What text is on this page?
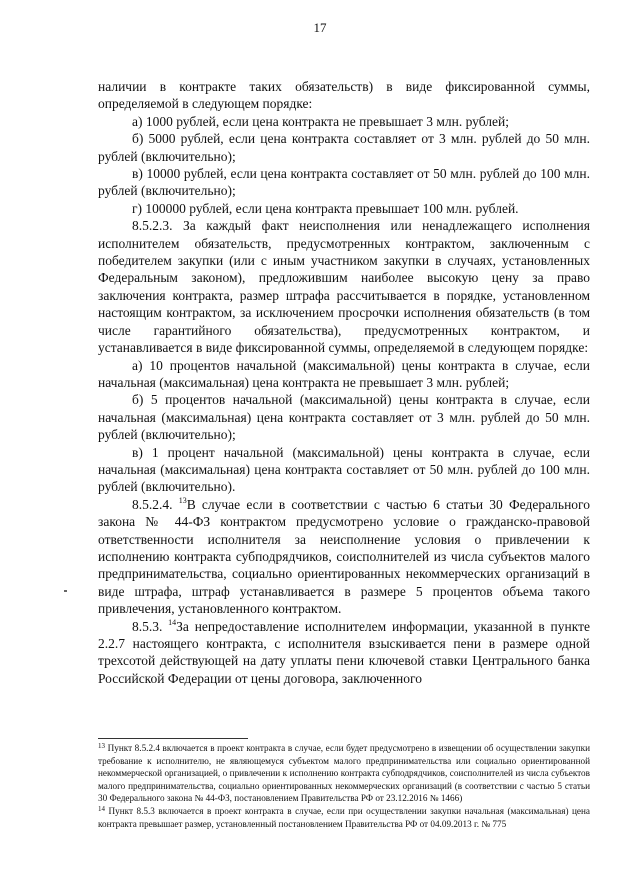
17

наличии в контракте таких обязательств) в виде фиксированной суммы, определяемой в следующем порядке:

а) 1000 рублей, если цена контракта не превышает 3 млн. рублей;

б) 5000 рублей, если цена контракта составляет от 3 млн. рублей до 50 млн. рублей (включительно);

в) 10000 рублей, если цена контракта составляет от 50 млн. рублей до 100 млн. рублей (включительно);

г) 100000 рублей, если цена контракта превышает 100 млн. рублей.

8.5.2.3. За каждый факт неисполнения или ненадлежащего исполнения исполнителем обязательств, предусмотренных контрактом, заключенным с победителем закупки (или с иным участником закупки в случаях, установленных Федеральным законом), предложившим наиболее высокую цену за право заключения контракта, размер штрафа рассчитывается в порядке, установленном настоящим контрактом, за исключением просрочки исполнения обязательств (в том числе гарантийного обязательства), предусмотренных контрактом, и устанавливается в виде фиксированной суммы, определяемой в следующем порядке:

а) 10 процентов начальной (максимальной) цены контракта в случае, если начальная (максимальная) цена контракта не превышает 3 млн. рублей;

б) 5 процентов начальной (максимальной) цены контракта в случае, если начальная (максимальная) цена контракта составляет от 3 млн. рублей до 50 млн. рублей (включительно);

в) 1 процент начальной (максимальной) цены контракта в случае, если начальная (максимальная) цена контракта составляет от 50 млн. рублей до 100 млн. рублей (включительно).

8.5.2.4. $^{13}$В случае если в соответствии с частью 6 статьи 30 Федерального закона № 44-ФЗ контрактом предусмотрено условие о гражданско-правовой ответственности исполнителя за неисполнение условия о привлечении к исполнению контракта субподрядчиков, соисполнителей из числа субъектов малого предпринимательства, социально ориентированных некоммерческих организаций в виде штрафа, штраф устанавливается в размере 5 процентов объема такого привлечения, установленного контрактом.

8.5.3. $^{14}$За непредоставление исполнителем информации, указанной в пункте 2.2.7 настоящего контракта, с исполнителя взыскивается пени в размере одной трехсотой действующей на дату уплаты пени ключевой ставки Центрального банка Российской Федерации от цены договора, заключенного

$^{13}$ Пункт 8.5.2.4 включается в проект контракта в случае, если будет предусмотрено в извещении об осуществлении закупки требование к исполнителю, не являющемуся субъектом малого предпринимательства или социально ориентированной некоммерческой организацией, о привлечении к исполнению контракта субподрядчиков, соисполнителей из числа субъектов малого предпринимательства, социально ориентированных некоммерческих организаций (в соответствии с частью 5 статьи 30 Федерального закона № 44-ФЗ, постановлением Правительства РФ от 23.12.2016 № 1466)

$^{14}$ Пункт 8.5.3 включается в проект контракта в случае, если при осуществлении закупки начальная (максимальная) цена контракта превышает размер, установленный постановлением Правительства РФ от 04.09.2013 г. № 775
